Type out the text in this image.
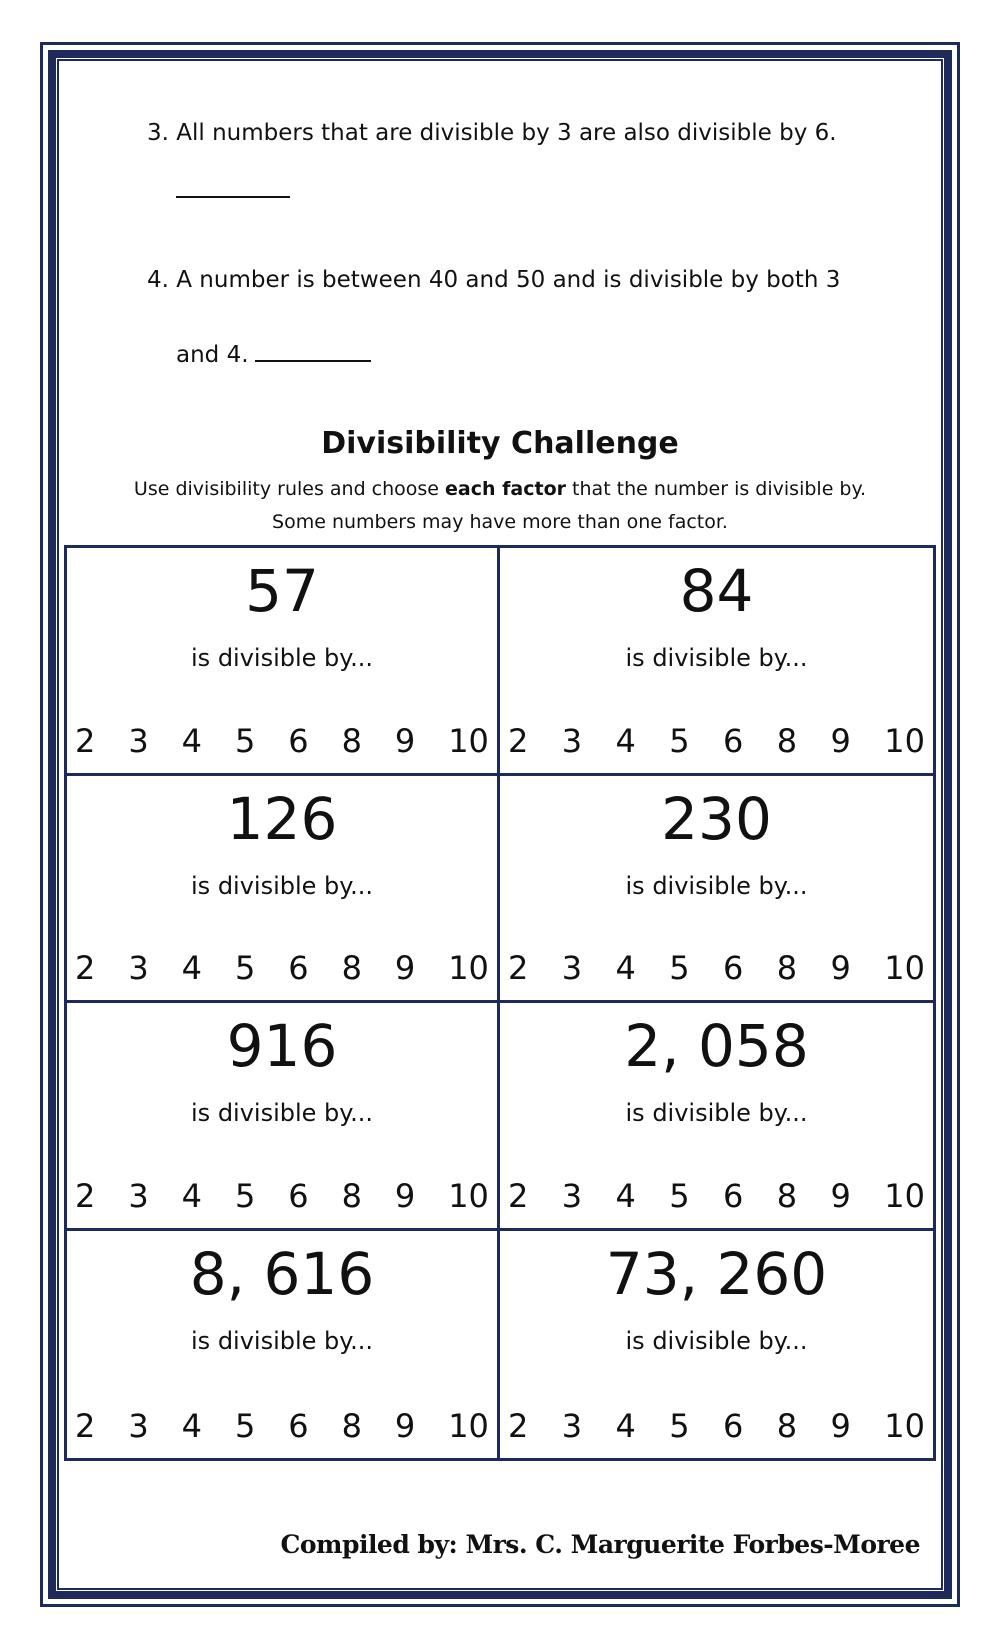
3. All numbers that are divisible by 3 are also divisible by 6.
4. A number is between 40 and 50 and is divisible by both 3
and 4.
Divisibility Challenge
Use divisibility rules and choose each factor that the number is divisible by.
Some numbers may have more than one factor.
57
is divisible by...
2 3 4 5 6 8 9 10
84
is divisible by...
2 3 4 5 6 8 9 10
126
is divisible by...
2 3 4 5 6 8 9 10
230
is divisible by...
2 3 4 5 6 8 9 10
916
is divisible by...
2 3 4 5 6 8 9 10
2, 058
is divisible by...
2 3 4 5 6 8 9 10
8, 616
is divisible by...
2 3 4 5 6 8 9 10
73, 260
is divisible by...
2 3 4 5 6 8 9 10
Compiled by: Mrs. C. Marguerite Forbes-Moree
